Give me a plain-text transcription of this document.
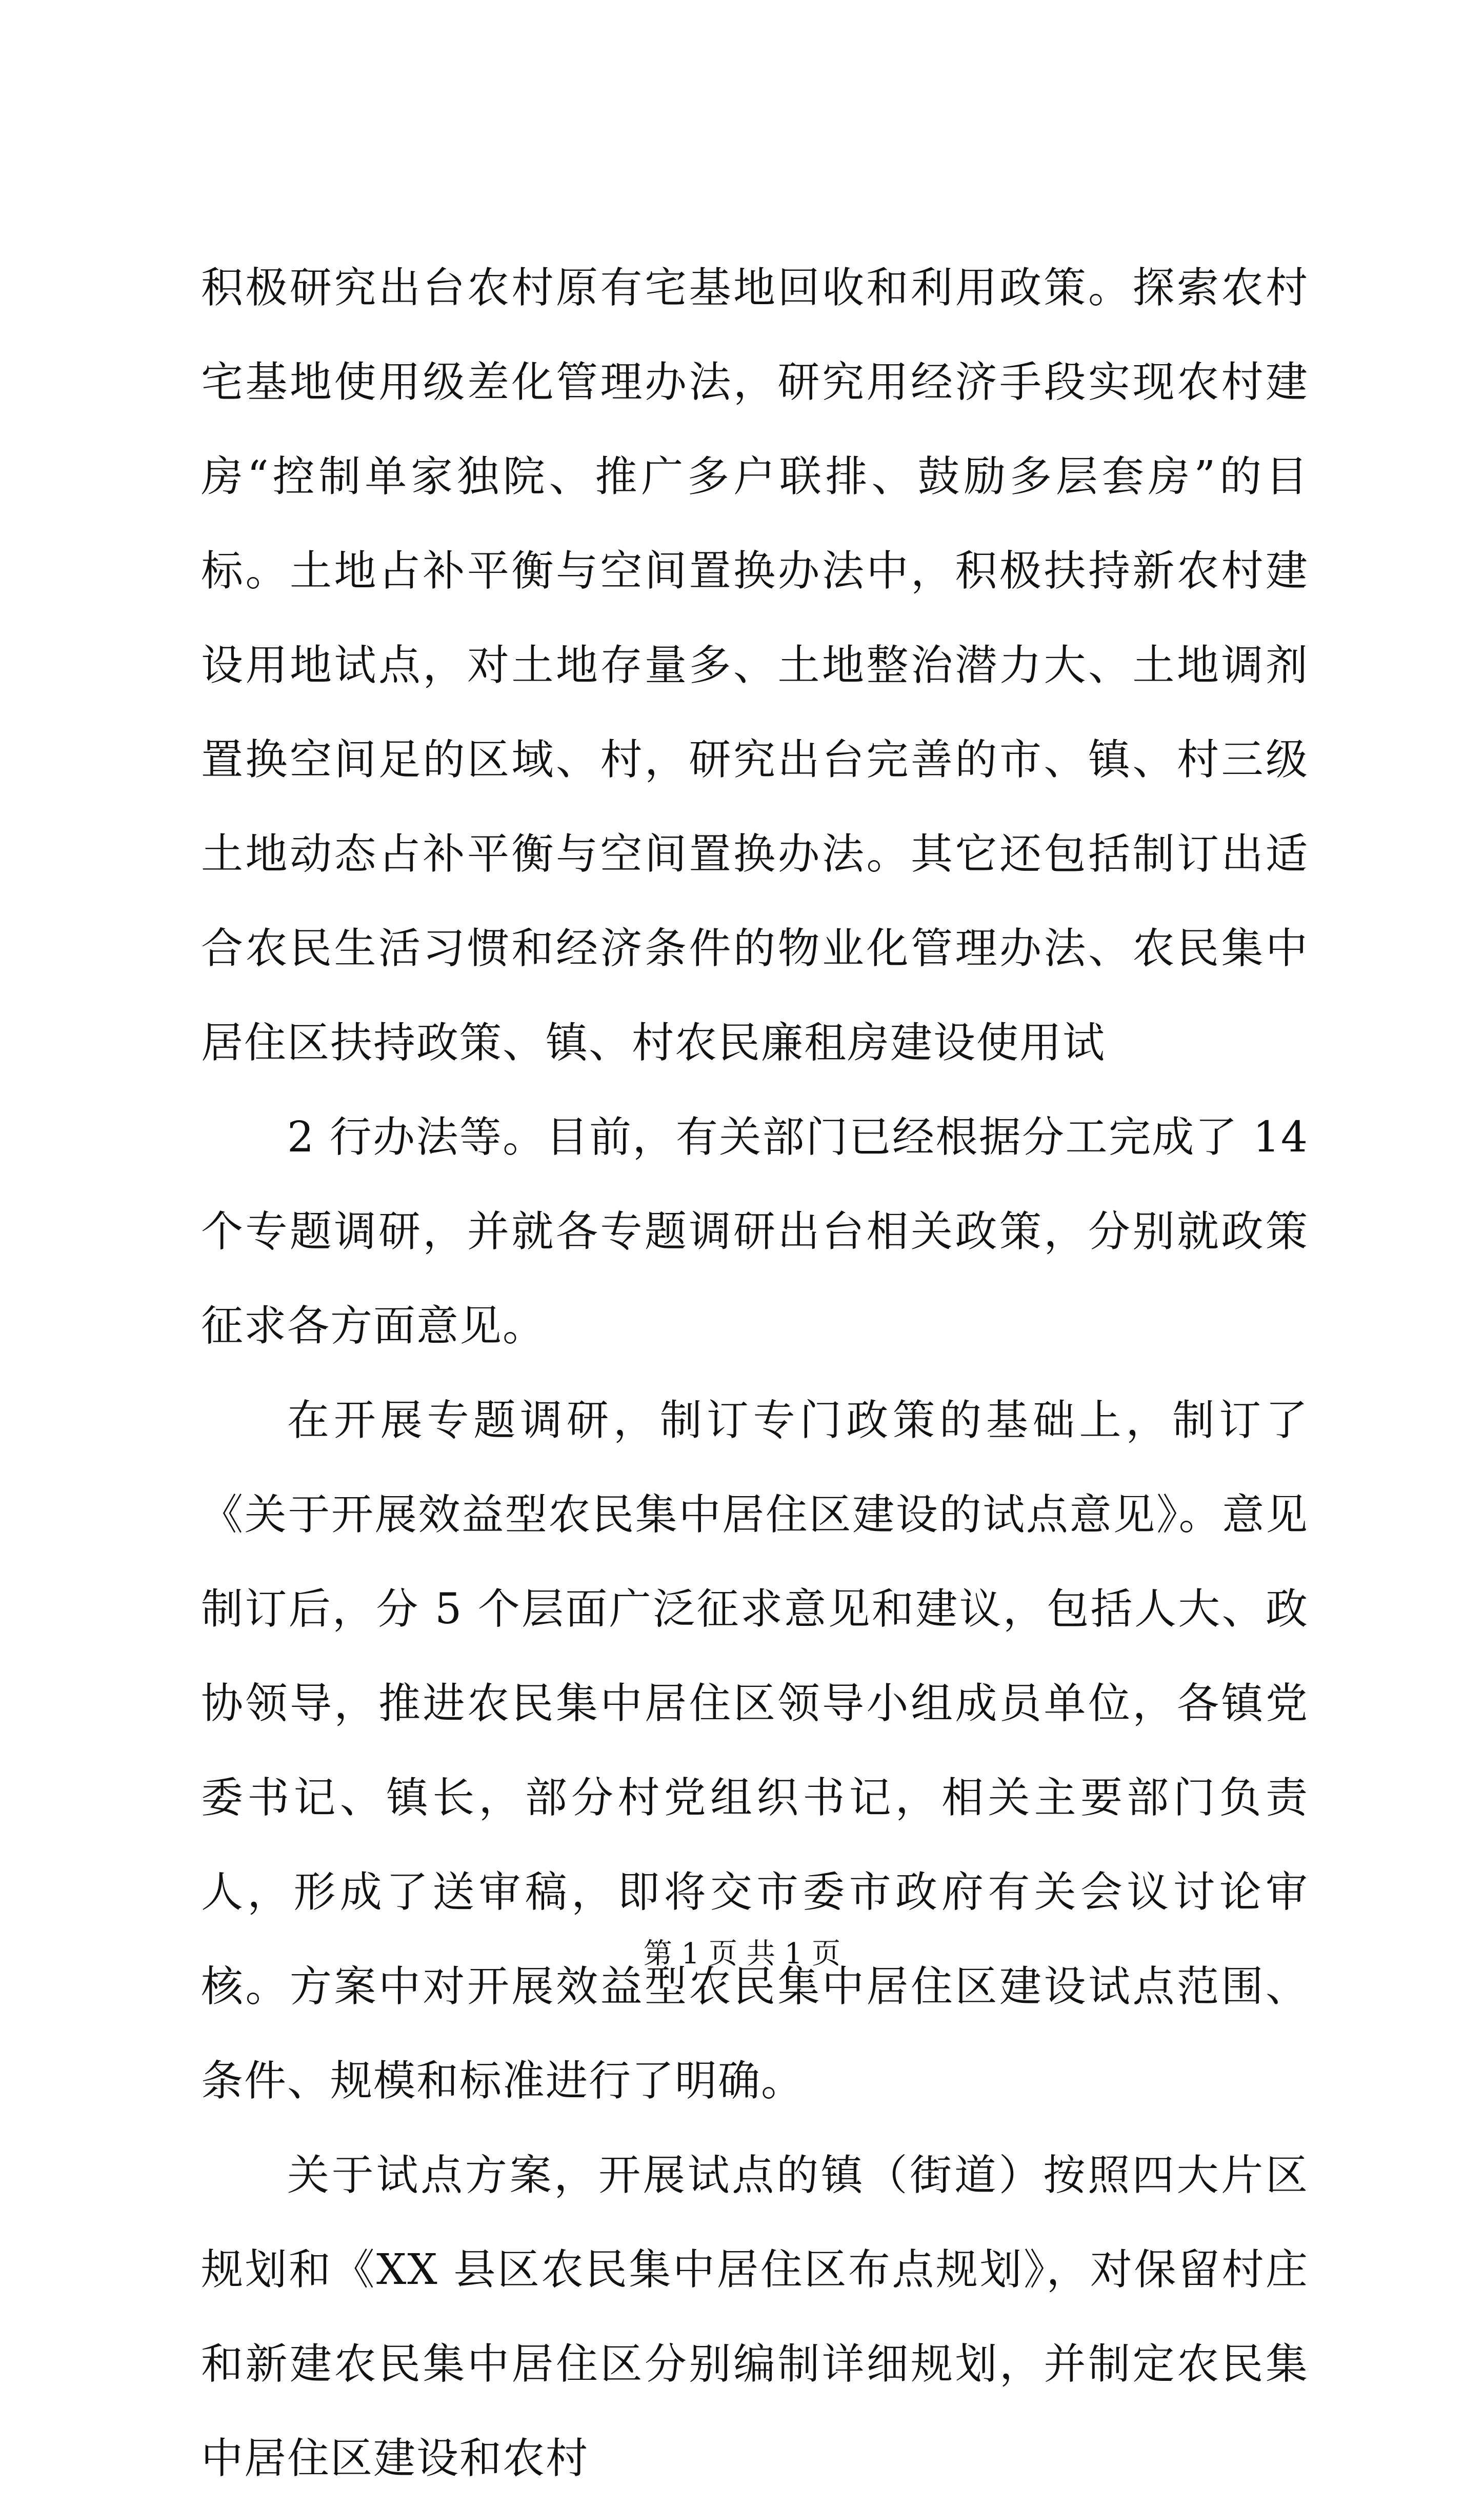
积极研究出台农村原有宅基地回收和利用政策。探索农村宅基地使用级差化管理办法，研究用经济手段实现农村建房“控制单家独院、推广多户联排、鼓励多层套房”的目标。土地占补平衡与空间置换办法中，积极扶持新农村建设用地试点，对土地存量多、土地整治潜力大、土地调剂置换空间足的区域、村，研究出台完善的市、镇、村三级土地动态占补平衡与空间置换办法。其它还包括制订出适合农民生活习惯和经济条件的物业化管理办法、农民集中居住区扶持政策、镇、村农民廉租房建设使用试

2 行办法等。目前，有关部门已经根据分工完成了 14 个专题调研，并就各专题调研出台相关政策，分别就政策征求各方面意见。

在开展专题调研，制订专门政策的基础上，制订了《关于开展效益型农民集中居住区建设的试点意见》。意见制订后，分 5 个层面广泛征求意见和建议，包括人大、政协领导，推进农民集中居住区领导小组成员单位，各镇党委书记、镇长，部分村党组织书记，相关主要部门负责人，形成了送审稿，即将交市委市政府有关会议讨论审核。方案中对开展效益型农民集中居住区建设试点范围、条件、规模和标准进行了明确。

关于试点方案，开展试点的镇（街道）按照四大片区规划和《XX 县区农民集中居住区布点规划》，对保留村庄和新建农民集中居住区分别编制详细规划，并制定农民集中居住区建设和农村

第 1 页 共 1 页
